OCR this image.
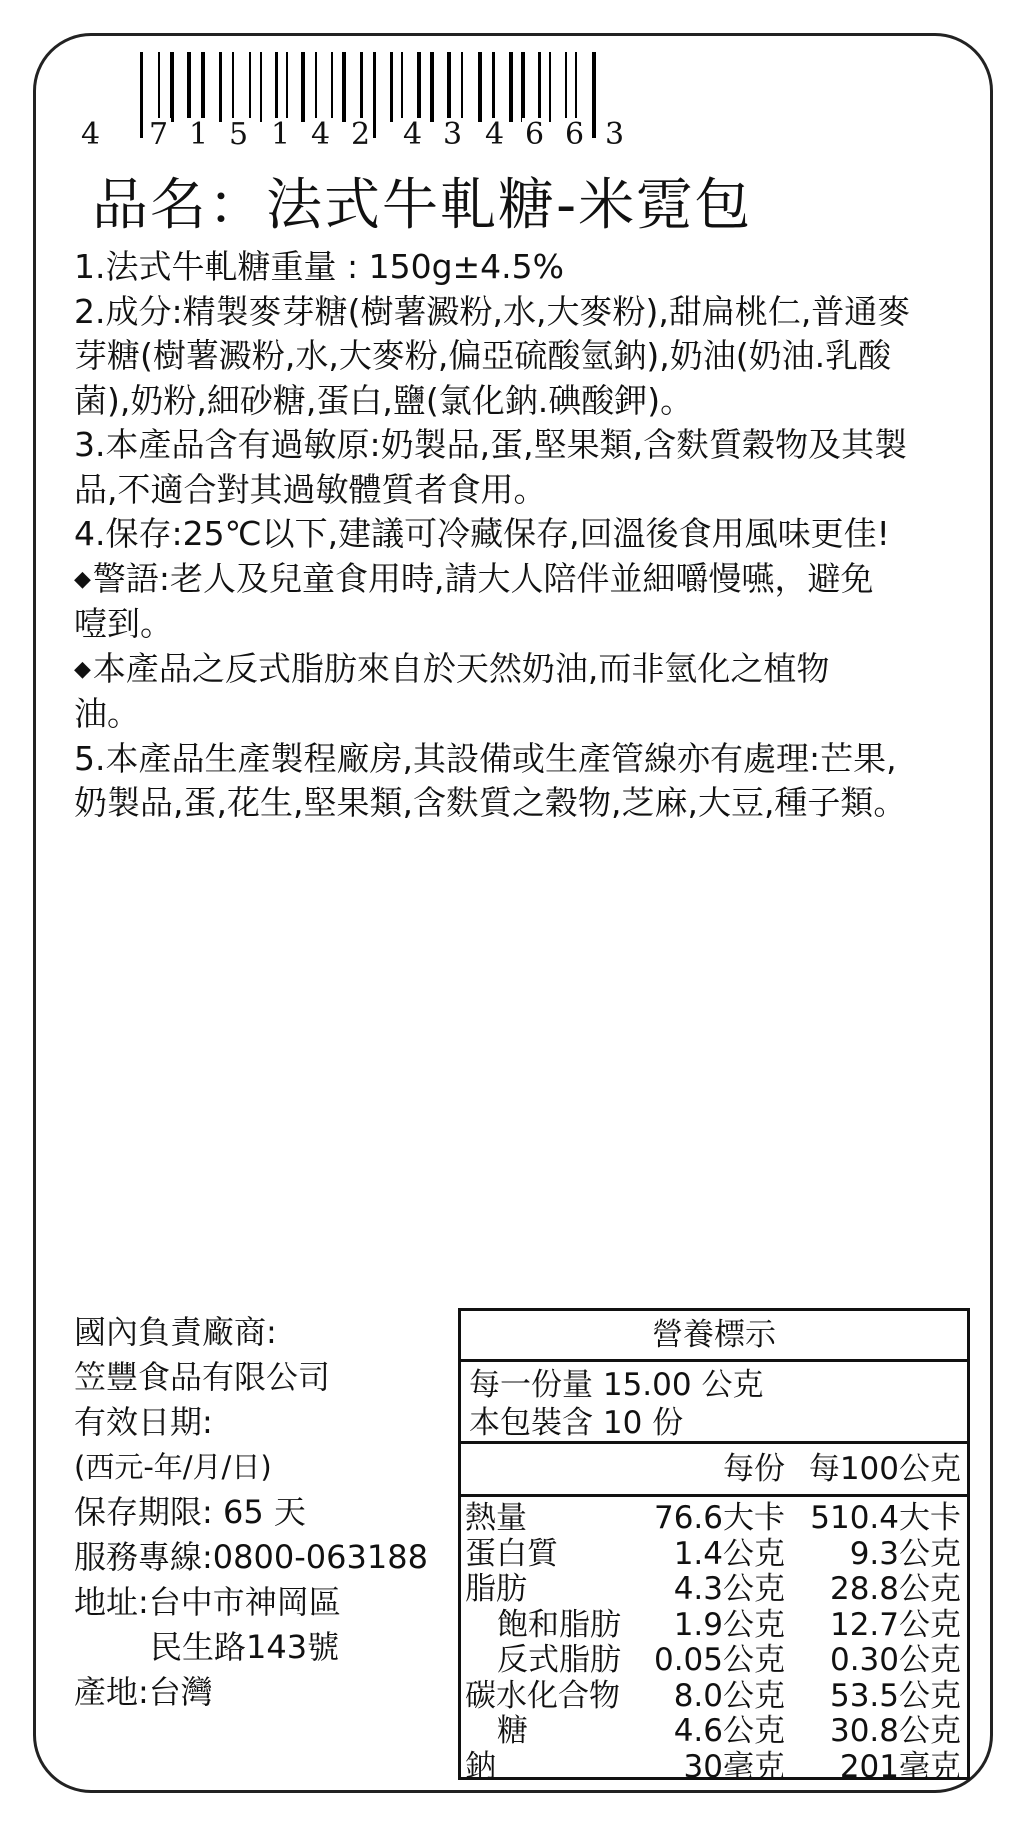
4 7 1 5 1 4 2 4 3 4 6 6 3
品名：法式牛軋糖-米霓包
1.法式牛軋糖重量 : 150g±4.5%
2.成分:精製麥芽糖(樹薯澱粉,水,大麥粉),甜扁桃仁,普通麥
芽糖(樹薯澱粉,水,大麥粉,偏亞硫酸氫鈉),奶油(奶油.乳酸
菌),奶粉,細砂糖,蛋白,鹽(氯化鈉.碘酸鉀)。
3.本產品含有過敏原:奶製品,蛋,堅果類,含麩質穀物及其製
品,不適合對其過敏體質者食用。
4.保存:25℃以下,建議可冷藏保存,回溫後食用風味更佳!
◆警語:老人及兒童食用時,請大人陪伴並細嚼慢嚥，避免
噎到。
◆本產品之反式脂肪來自於天然奶油,而非氫化之植物
油。
5.本產品生產製程廠房,其設備或生產管線亦有處理:芒果,
奶製品,蛋,花生,堅果類,含麩質之穀物,芝麻,大豆,種子類。
國內負責廠商:
笠豐食品有限公司
有效日期:
(西元-年/月/日)
保存期限: 65 天
服務專線:0800-063188
地址:台中市神岡區
民生路143號
產地:台灣
營養標示
每一份量 15.00 公克
本包裝含 10 份
每份 每100公克
熱量	76.6大卡 510.4大卡
蛋白質	1.4公克 9.3公克
脂肪	4.3公克 28.8公克
飽和脂肪 1.9公克 12.7公克
反式脂肪 0.05公克 0.30公克
碳水化合物 8.0公克 53.5公克
糖	4.6公克 30.8公克
鈉	30毫克 201毫克
